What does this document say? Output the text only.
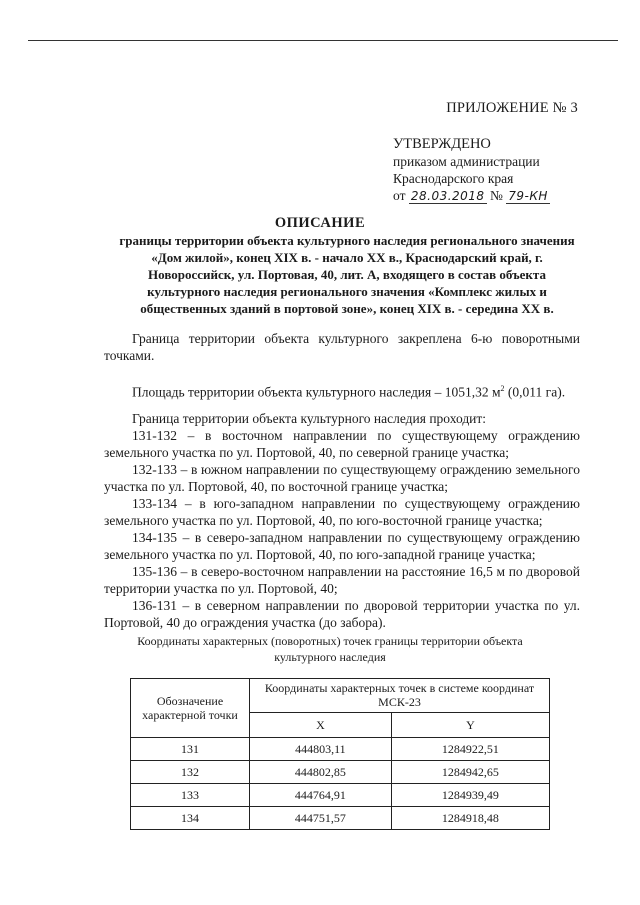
ПРИЛОЖЕНИЕ № 3
УТВЕРЖДЕНО
приказом администрации
Краснодарского края
от 28.03.2018 № 79-КН
ОПИСАНИЕ
границы территории объекта культурного наследия регионального значения «Дом жилой», конец XIX в. - начало XX в., Краснодарский край, г. Новороссийск, ул. Портовая, 40, лит. А, входящего в состав объекта культурного наследия регионального значения «Комплекс жилых и общественных зданий в портовой зоне», конец XIX в. - середина XX в.
Граница территории объекта культурного закреплена 6-ю поворотными точками.
Площадь территории объекта культурного наследия – 1051,32 $м^2$ (0,011 га).
Граница территории объекта культурного наследия проходит:
131-132 – в восточном направлении по существующему ограждению земельного участка по ул. Портовой, 40, по северной границе участка;
132-133 – в южном направлении по существующему ограждению земельного участка по ул. Портовой, 40, по восточной границе участка;
133-134 – в юго-западном направлении по существующему ограждению земельного участка по ул. Портовой, 40, по юго-восточной границе участка;
134-135 – в северо-западном направлении по существующему ограждению земельного участка по ул. Портовой, 40, по юго-западной границе участка;
135-136 – в северо-восточном направлении на расстояние 16,5 м по дворовой территории участка по ул. Портовой, 40;
136-131 – в северном направлении по дворовой территории участка по ул. Портовой, 40 до ограждения участка (до забора).
Координаты характерных (поворотных) точек границы территории объекта культурного наследия
Обозначение характерной точки	Координаты характерных точек в системе координат МСК-23	
	X	Y
131	444803,11	1284922,51
132	444802,85	1284942,65
133	444764,91	1284939,49
134	444751,57	1284918,48
